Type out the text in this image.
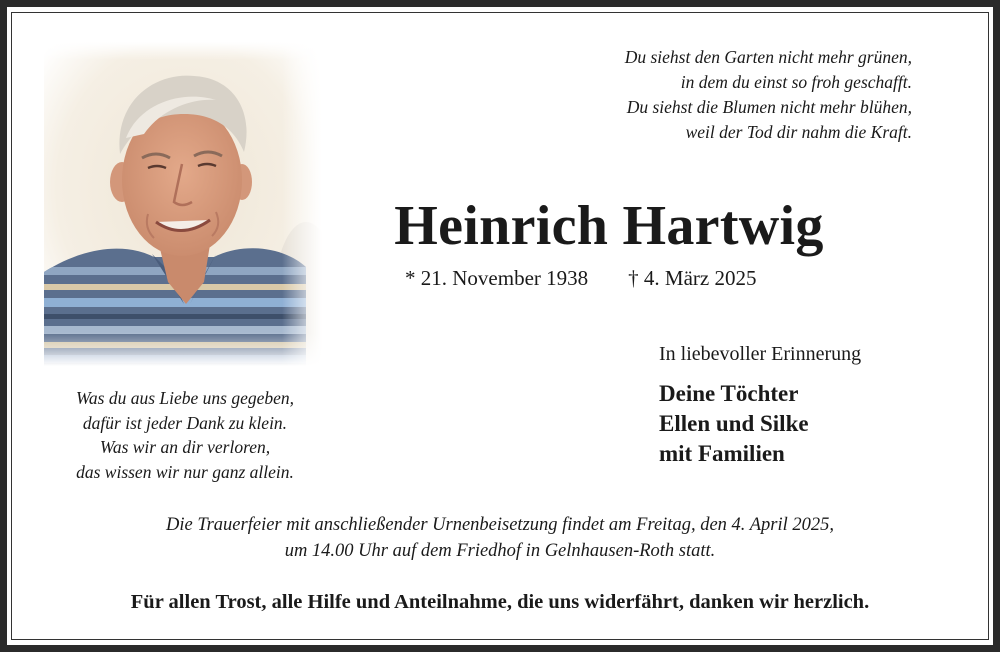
Du siehst den Garten nicht mehr grünen,
in dem du einst so froh geschafft.
Du siehst die Blumen nicht mehr blühen,
weil der Tod dir nahm die Kraft.
Heinrich Hartwig
* 21. November 1938 † 4. März 2025
In liebevoller Erinnerung
Deine Töchter
Ellen und Silke
mit Familien
Was du aus Liebe uns gegeben,
dafür ist jeder Dank zu klein.
Was wir an dir verloren,
das wissen wir nur ganz allein.
Die Trauerfeier mit anschließender Urnenbeisetzung findet am Freitag, den 4. April 2025,
um 14.00 Uhr auf dem Friedhof in Gelnhausen-Roth statt.
Für allen Trost, alle Hilfe und Anteilnahme, die uns widerfährt, danken wir herzlich.
